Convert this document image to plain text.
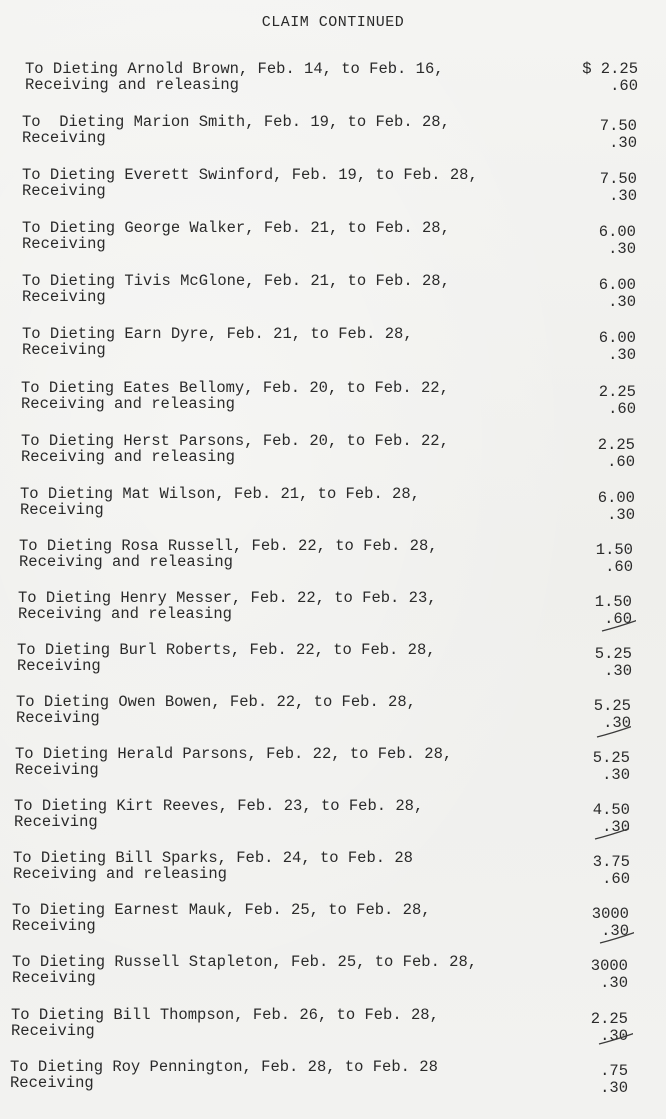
CLAIM CONTINUED
To Dieting Arnold Brown, Feb. 14, to Feb. 16,
Receiving and releasing
$ 2.25
.60
To  Dieting Marion Smith, Feb. 19, to Feb. 28,
Receiving
7.50
.30
To Dieting Everett Swinford, Feb. 19, to Feb. 28,
Receiving
7.50
.30
To Dieting George Walker, Feb. 21, to Feb. 28,
Receiving
6.00
.30
To Dieting Tivis McGlone, Feb. 21, to Feb. 28,
Receiving
6.00
.30
To Dieting Earn Dyre, Feb. 21, to Feb. 28,
Receiving
6.00
.30
To Dieting Eates Bellomy, Feb. 20, to Feb. 22,
Receiving and releasing
2.25
.60
To Dieting Herst Parsons, Feb. 20, to Feb. 22,
Receiving and releasing
2.25
.60
To Dieting Mat Wilson, Feb. 21, to Feb. 28,
Receiving
6.00
.30
To Dieting Rosa Russell, Feb. 22, to Feb. 28,
Receiving and releasing
1.50
.60
To Dieting Henry Messer, Feb. 22, to Feb. 23,
Receiving and releasing
1.50
.60
To Dieting Burl Roberts, Feb. 22, to Feb. 28,
Receiving
5.25
.30
To Dieting Owen Bowen, Feb. 22, to Feb. 28,
Receiving
5.25
.30
To Dieting Herald Parsons, Feb. 22, to Feb. 28,
Receiving
5.25
.30
To Dieting Kirt Reeves, Feb. 23, to Feb. 28,
Receiving
4.50
.30
To Dieting Bill Sparks, Feb. 24, to Feb. 28
Receiving and releasing
3.75
.60
To Dieting Earnest Mauk, Feb. 25, to Feb. 28,
Receiving
3000
.30
To Dieting Russell Stapleton, Feb. 25, to Feb. 28,
Receiving
3000
.30
To Dieting Bill Thompson, Feb. 26, to Feb. 28,
Receiving
2.25
.30
To Dieting Roy Pennington, Feb. 28, to Feb. 28
Receiving
.75
.30
